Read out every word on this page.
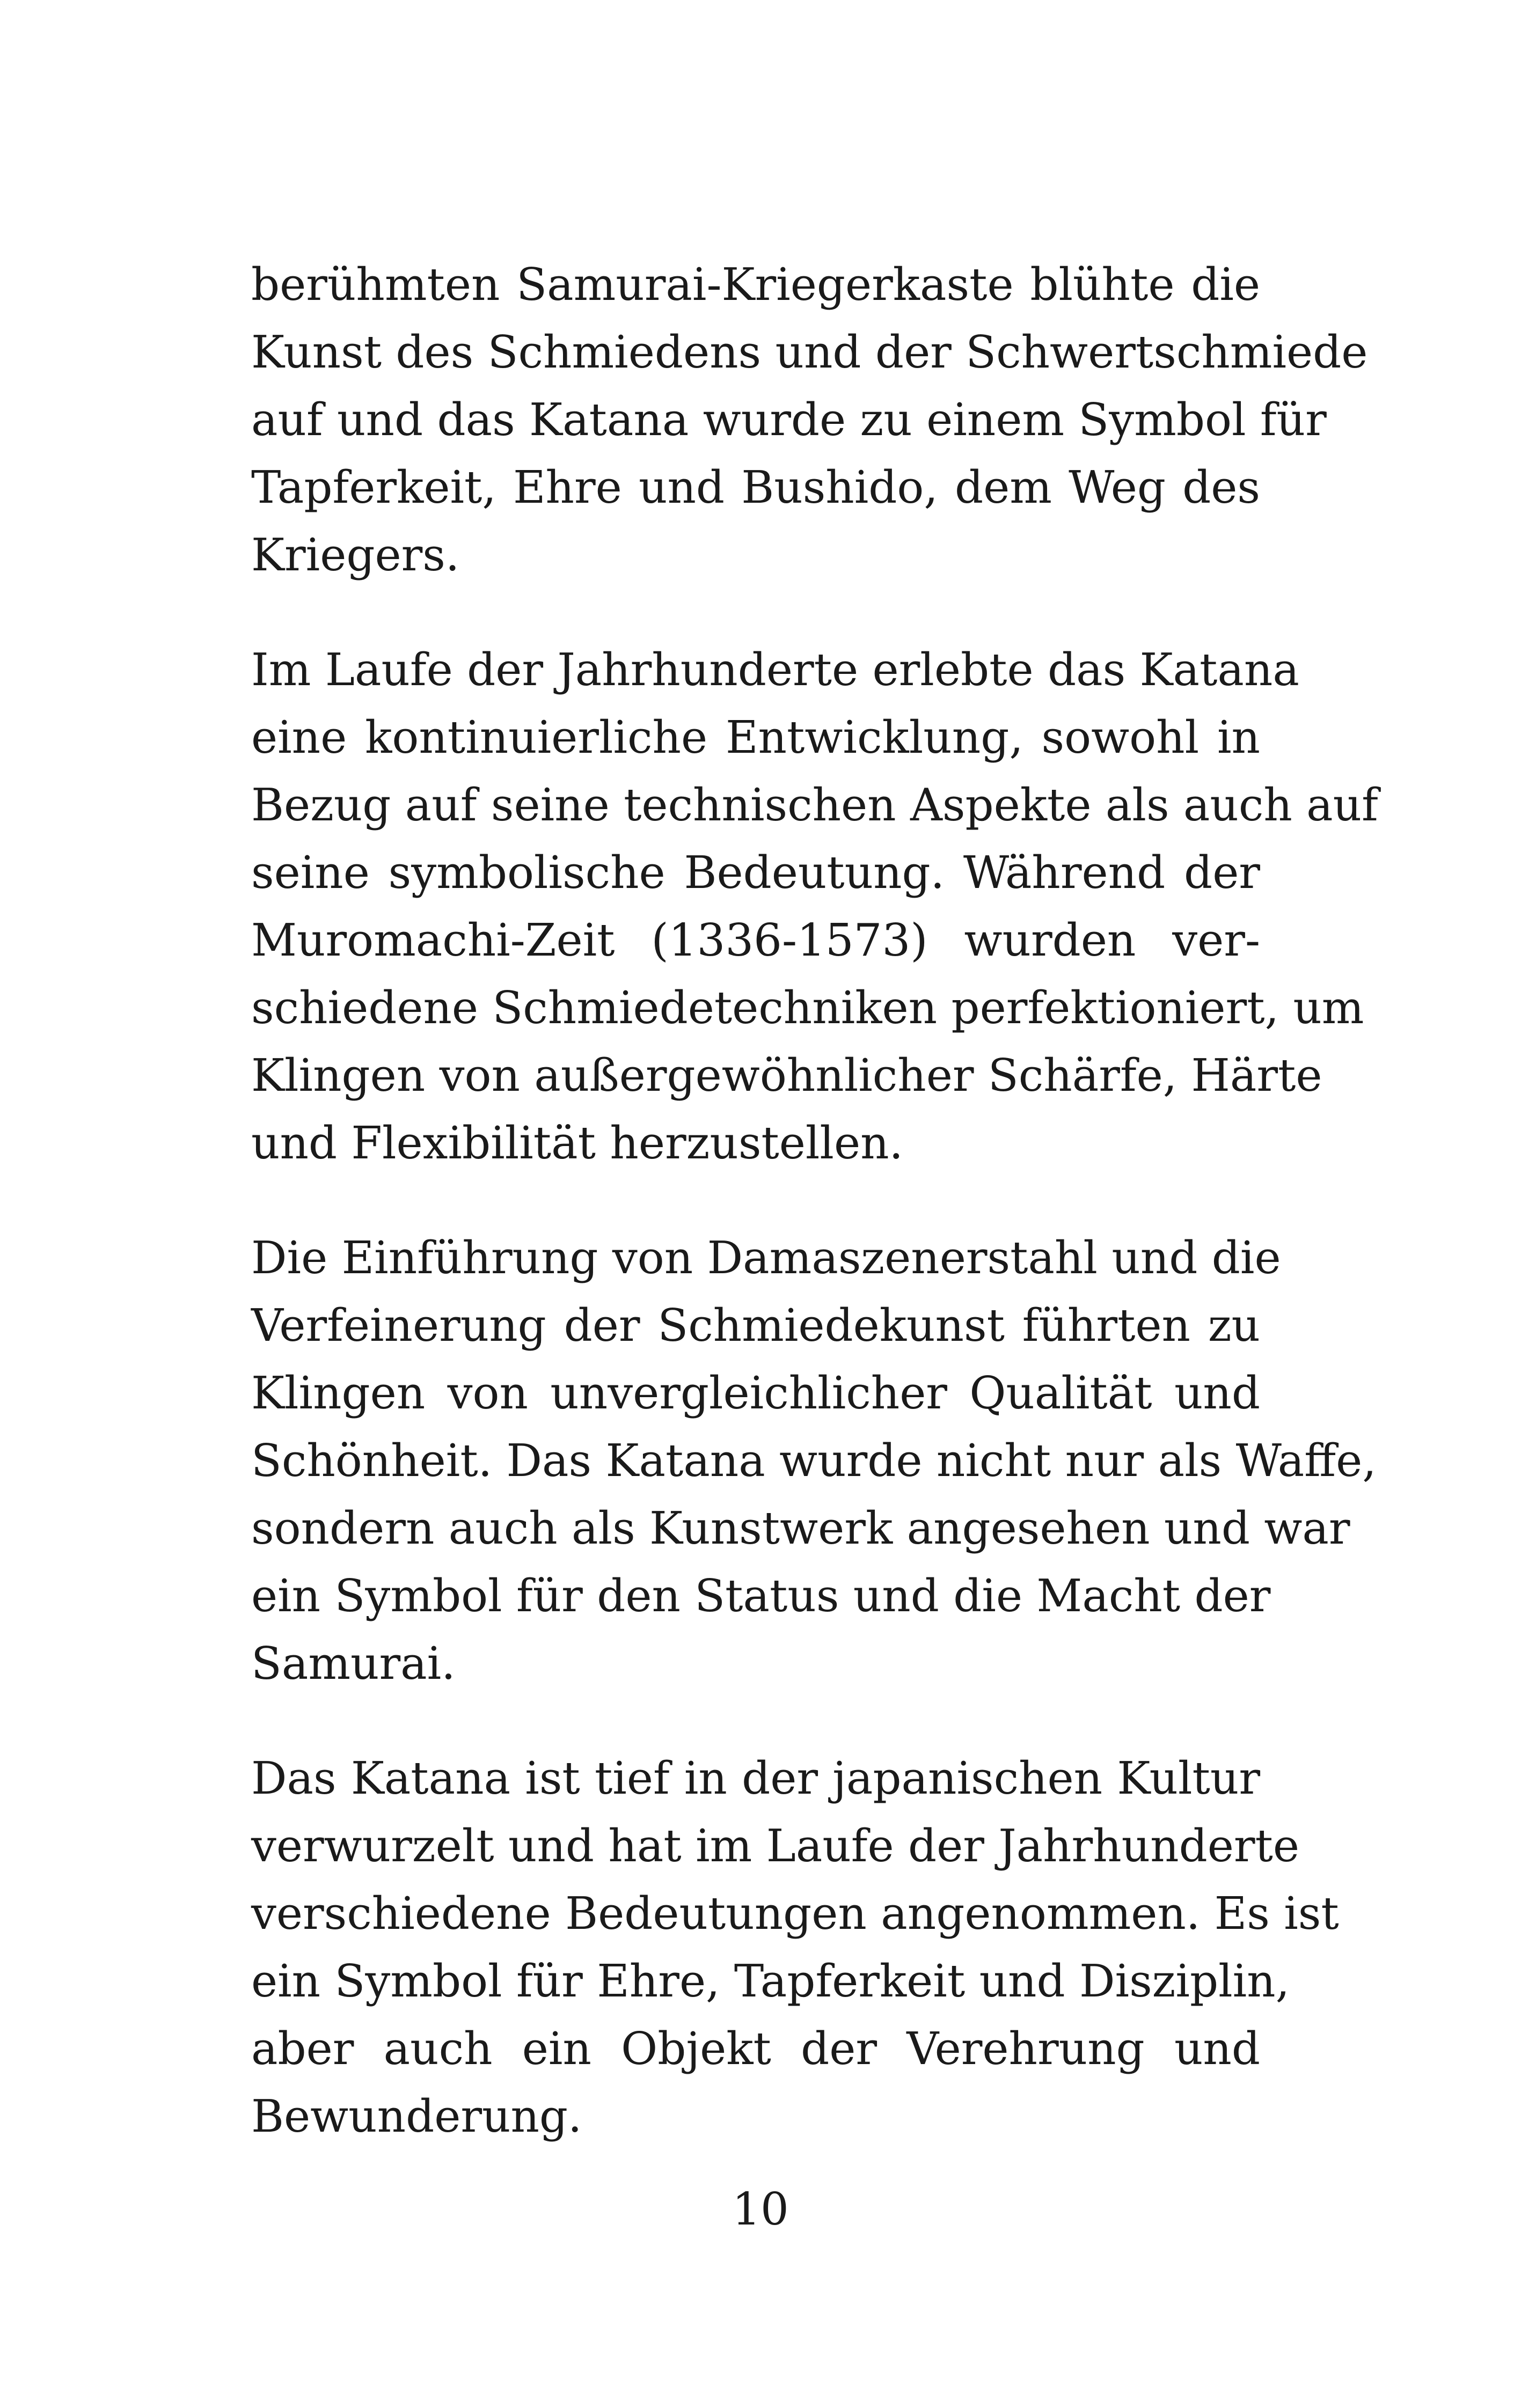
berühmten Samurai-Kriegerkaste blühte die
Kunst des Schmiedens und der Schwertschmiede
auf und das Katana wurde zu einem Symbol für
Tapferkeit, Ehre und Bushido, dem Weg des
Kriegers.

Im Laufe der Jahrhunderte erlebte das Katana
eine kontinuierliche Entwicklung, sowohl in
Bezug auf seine technischen Aspekte als auch auf
seine symbolische Bedeutung. Während der
Muromachi-Zeit (1336-1573) wurden ver-
schiedene Schmiedetechniken perfektioniert, um
Klingen von außergewöhnlicher Schärfe, Härte
und Flexibilität herzustellen.

Die Einführung von Damaszenerstahl und die
Verfeinerung der Schmiedekunst führten zu
Klingen von unvergleichlicher Qualität und
Schönheit. Das Katana wurde nicht nur als Waffe,
sondern auch als Kunstwerk angesehen und war
ein Symbol für den Status und die Macht der
Samurai.

Das Katana ist tief in der japanischen Kultur
verwurzelt und hat im Laufe der Jahrhunderte
verschiedene Bedeutungen angenommen. Es ist
ein Symbol für Ehre, Tapferkeit und Disziplin,
aber auch ein Objekt der Verehrung und
Bewunderung.

10
